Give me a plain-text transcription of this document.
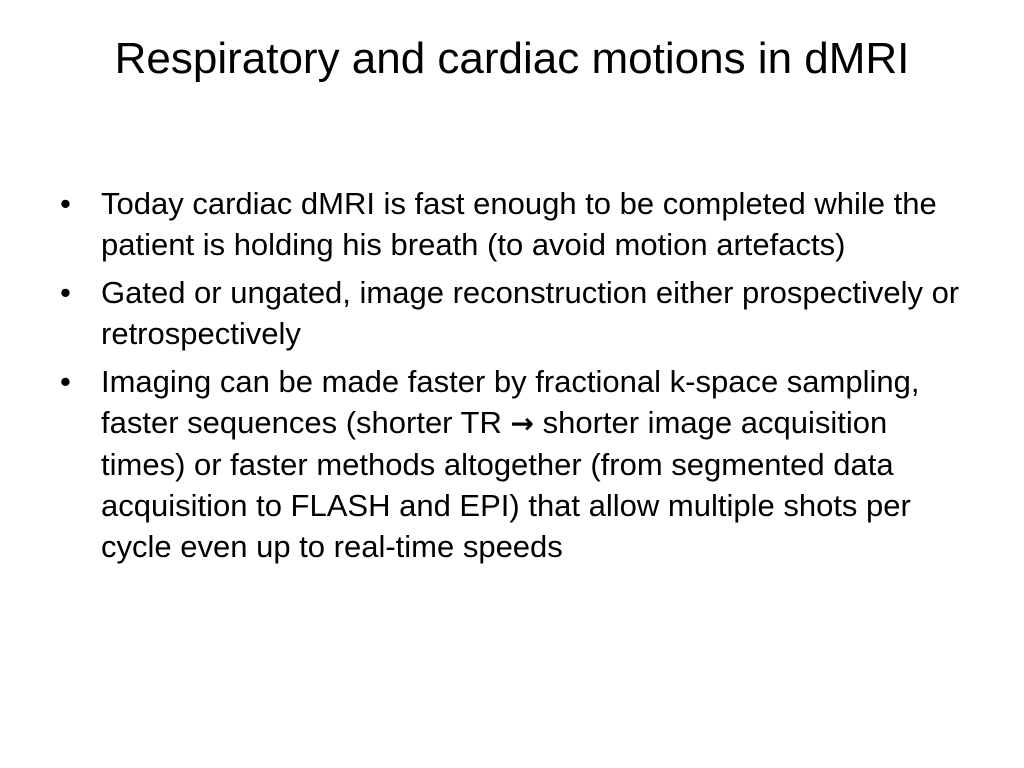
Respiratory and cardiac motions in dMRI
• Today cardiac dMRI is fast enough to be completed while the patient is holding his breath (to avoid motion artefacts)
• Gated or ungated, image reconstruction either prospectively or retrospectively
• Imaging can be made faster by fractional k-space sampling, faster sequences (shorter TR → shorter image acquisition times) or faster methods altogether (from segmented data acquisition to FLASH and EPI) that allow multiple shots per cycle even up to real-time speeds
